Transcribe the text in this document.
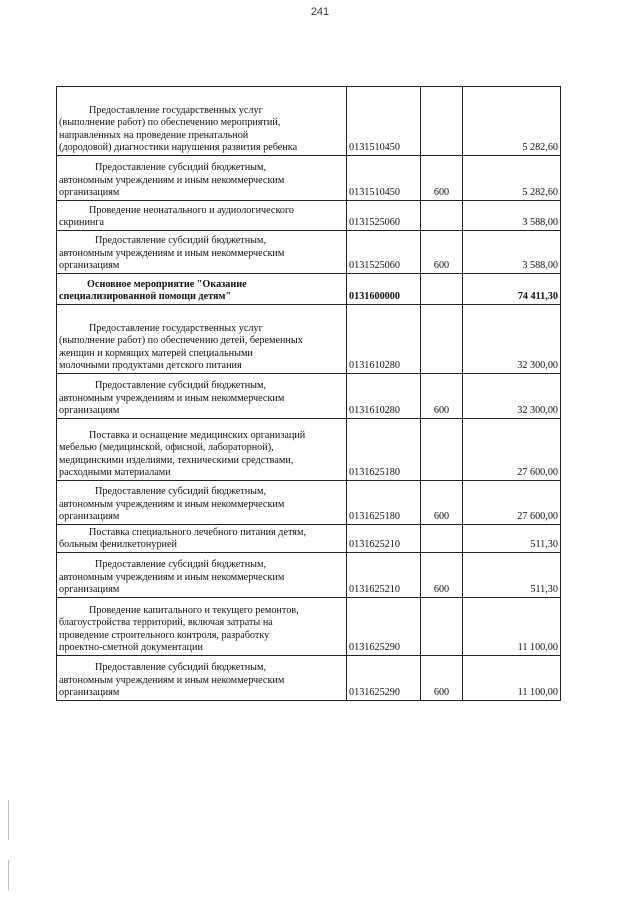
241
Предоставление государственных услуг
(выполнение работ) по обеспечению мероприятий,
направленных на проведение пренатальной
(дородовой) диагностики нарушения развития ребенка	0131510450		5 282,60
Предоставление субсидий бюджетным,
автономным учреждениям и иным некоммерческим
организациям	0131510450	600	5 282,60
Проведение неонатального и аудиологического
скрининга	0131525060		3 588,00
Предоставление субсидий бюджетным,
автономным учреждениям и иным некоммерческим
организациям	0131525060	600	3 588,00
Основное мероприятие "Оказание
специализированной помощи детям"	0131600000		74 411,30
Предоставление государственных услуг
(выполнение работ) по обеспечению детей, беременных
женщин и кормящих матерей специальными
молочными продуктами детского питания	0131610280		32 300,00
Предоставление субсидий бюджетным,
автономным учреждениям и иным некоммерческим
организациям	0131610280	600	32 300,00
Поставка и оснащение медицинских организаций
мебелью (медицинской, офисной, лабораторной),
медицинскими изделиями, техническими средствами,
расходными материалами	0131625180		27 600,00
Предоставление субсидий бюджетным,
автономным учреждениям и иным некоммерческим
организациям	0131625180	600	27 600,00
Поставка специального лечебного питания детям,
больным фенилкетонурией	0131625210		511,30
Предоставление субсидий бюджетным,
автономным учреждениям и иным некоммерческим
организациям	0131625210	600	511,30
Проведение капитального и текущего ремонтов,
благоустройства территорий, включая затраты на
проведение строительного контроля, разработку
проектно-сметной документации	0131625290		11 100,00
Предоставление субсидий бюджетным,
автономным учреждениям и иным некоммерческим
организациям	0131625290	600	11 100,00
